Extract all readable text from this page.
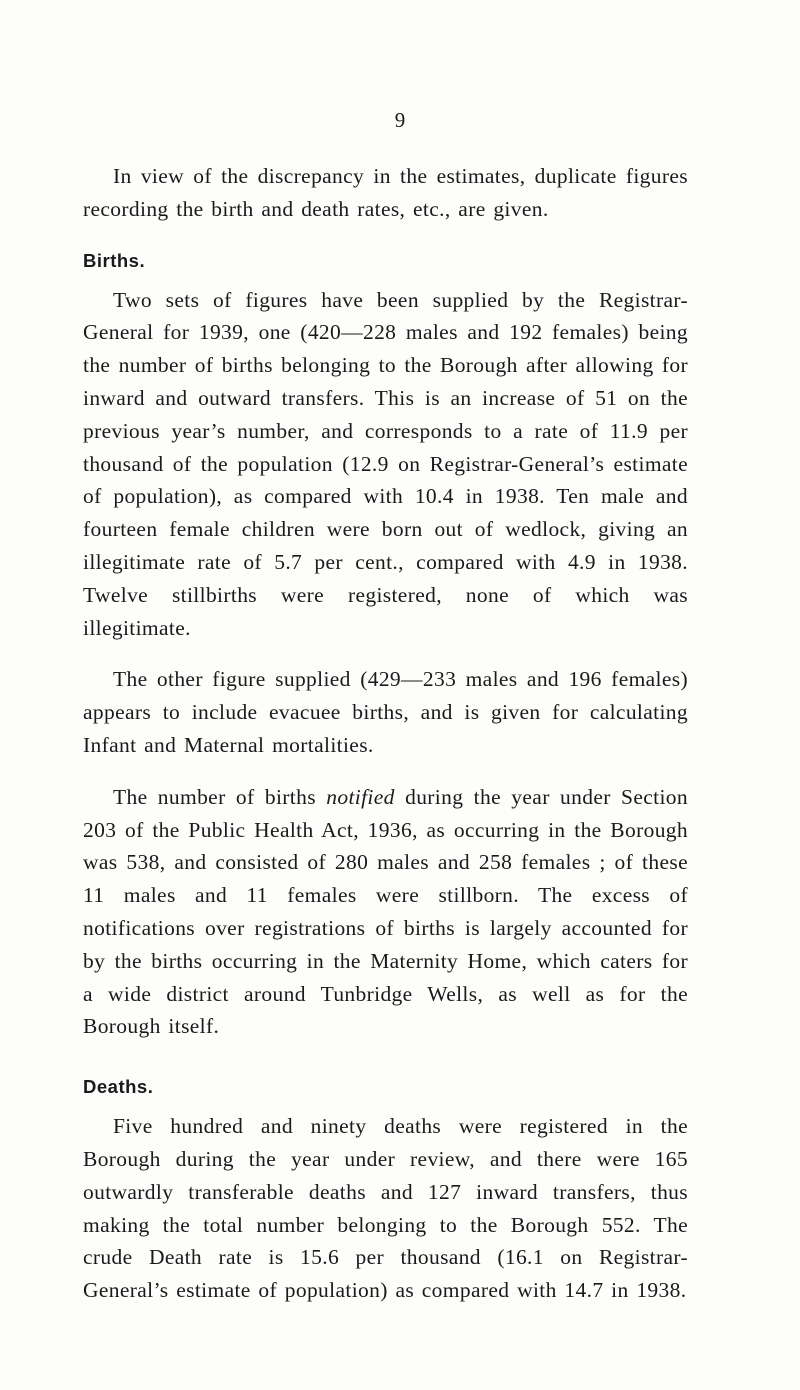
9

In view of the discrepancy in the estimates, duplicate figures recording the birth and death rates, etc., are given.

Births.

Two sets of figures have been supplied by the Registrar-General for 1939, one (420—228 males and 192 females) being the number of births belonging to the Borough after allowing for inward and outward transfers. This is an increase of 51 on the previous year’s number, and corresponds to a rate of 11.9 per thousand of the population (12.9 on Registrar-General’s estimate of population), as compared with 10.4 in 1938. Ten male and fourteen female children were born out of wedlock, giving an illegitimate rate of 5.7 per cent., compared with 4.9 in 1938. Twelve stillbirths were registered, none of which was illegitimate.

The other figure supplied (429—233 males and 196 females) appears to include evacuee births, and is given for calculating Infant and Maternal mortalities.

The number of births notified during the year under Section 203 of the Public Health Act, 1936, as occurring in the Borough was 538, and consisted of 280 males and 258 females ; of these 11 males and 11 females were stillborn. The excess of notifications over registrations of births is largely accounted for by the births occurring in the Maternity Home, which caters for a wide district around Tunbridge Wells, as well as for the Borough itself.

Deaths.

Five hundred and ninety deaths were registered in the Borough during the year under review, and there were 165 outwardly transferable deaths and 127 inward transfers, thus making the total number belonging to the Borough 552. The crude Death rate is 15.6 per thousand (16.1 on Registrar-General’s estimate of population) as compared with 14.7 in 1938.
